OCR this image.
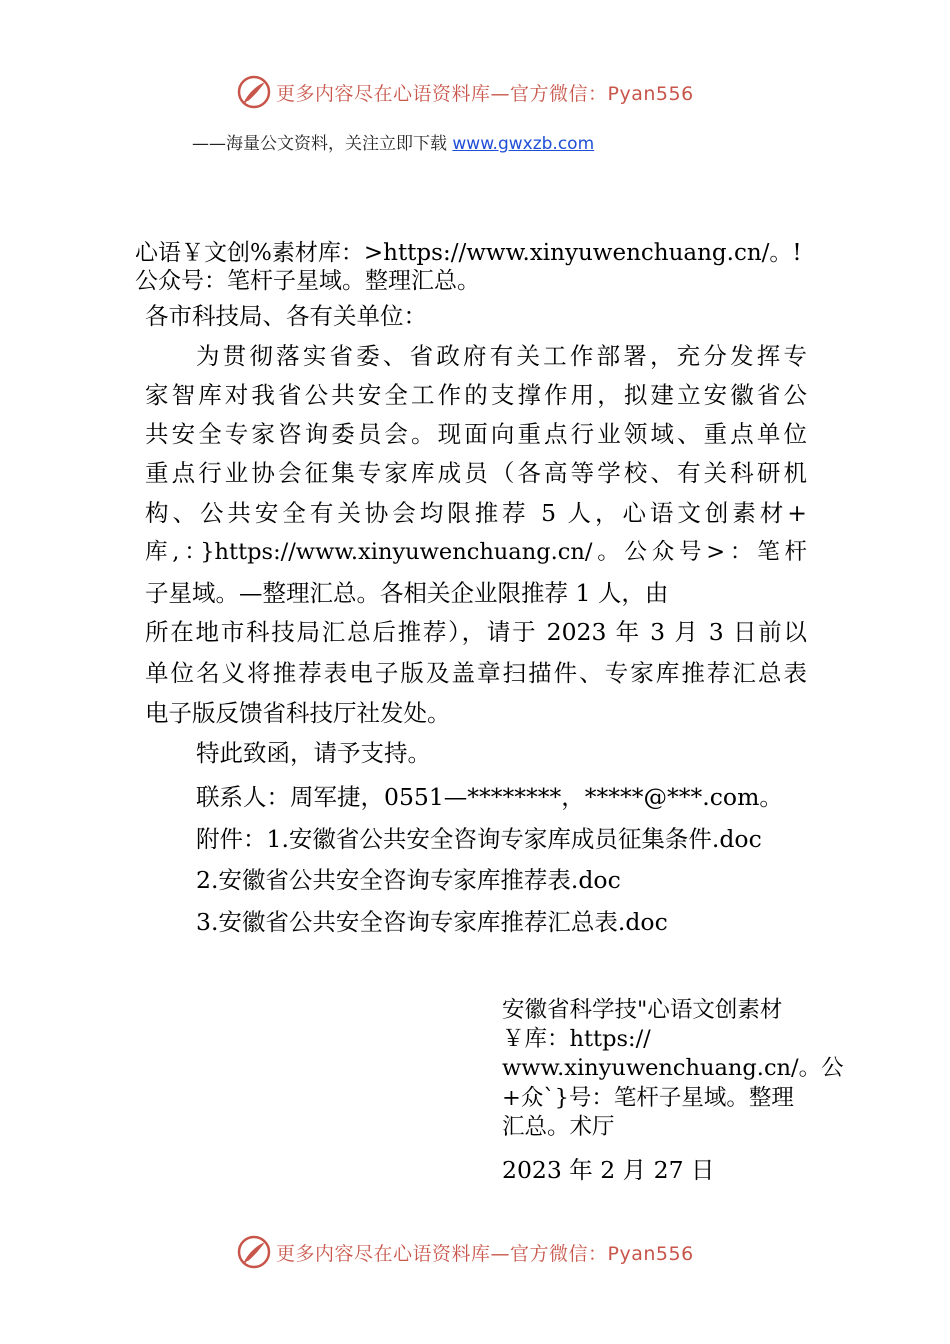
更多内容尽在心语资料库—官方微信：Pyan556
——海量公文资料，关注立即下载 www.gwxzb.com
心语￥文创%素材库：>https://www.xinyuwenchuang.cn/。!
公众号：笔杆子星域。整理汇总。
各市科技局、各有关单位：
为贯彻落实省委、省政府有关工作部署，充分发挥专
家智库对我省公共安全工作的支撑作用，拟建立安徽省公
共安全专家咨询委员会。现面向重点行业领域、重点单位
重点行业协会征集专家库成员（各高等学校、有关科研机
构、公共安全有关协会均限推荐 5 人，心语文创素材+
库,：}https://www.xinyuwenchuang.cn/。公众号>：笔杆
子星域。—整理汇总。各相关企业限推荐 1 人，由
所在地市科技局汇总后推荐），请于 2023 年 3 月 3 日前以
单位名义将推荐表电子版及盖章扫描件、专家库推荐汇总表
电子版反馈省科技厅社发处。
特此致函，请予支持。
联系人：周军捷，0551—********，*****@***.com。
附件：1.安徽省公共安全咨询专家库成员征集条件.doc
2.安徽省公共安全咨询专家库推荐表.doc
3.安徽省公共安全咨询专家库推荐汇总表.doc
安徽省科学技"心语文创素材
￥库：https://
www.xinyuwenchuang.cn/。公
+众`}号：笔杆子星域。整理
汇总。术厅
2023 年 2 月 27 日
更多内容尽在心语资料库—官方微信：Pyan556
